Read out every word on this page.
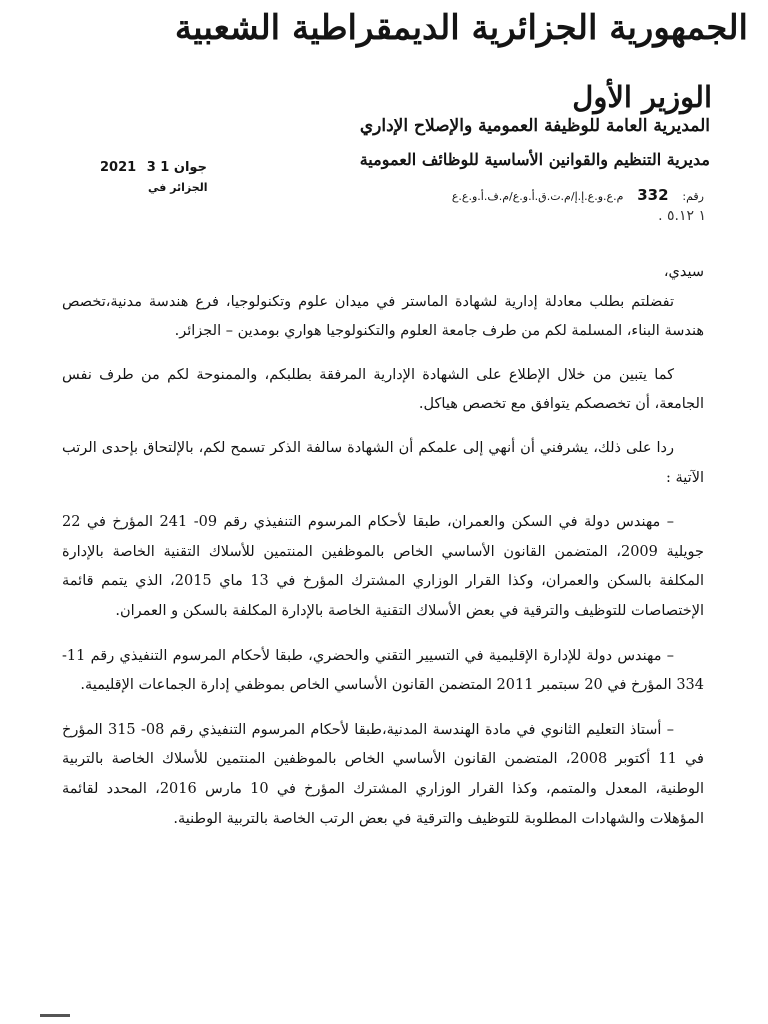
الجمهورية الجزائرية الديمقراطية الشعبية
الوزير الأول
المديرية العامة للوظيفة العمومية والإصلاح الإداري
مديرية التنظيم والقوانين الأساسية للوظائف العمومية
رقم: 332 م.ع.و.ع.إ.إ/م.ت.ق.أ.و.ع/م.ف.أ.و.ع.ع
. ١ ٥.١٢
2021 جوان 1 3
الجزائر في

سيدي،

تفضلتم بطلب معادلة إدارية لشهادة الماستر في ميدان علوم وتكنولوجيا، فرع هندسة مدنية،تخصص هندسة البناء، المسلمة لكم من طرف جامعة العلوم والتكنولوجيا هواري بومدين – الجزائر.

كما يتبين من خلال الإطلاع على الشهادة الإدارية المرفقة بطلبكم، والممنوحة لكم من طرف نفس الجامعة، أن تخصصكم يتوافق مع تخصص هياكل.

ردا على ذلك، يشرفني أن أنهي إلى علمكم أن الشهادة سالفة الذكر تسمح لكم، بالإلتحاق بإحدى الرتب الآتية :

– مهندس دولة في السكن والعمران، طبقا لأحكام المرسوم التنفيذي رقم 09- 241 المؤرخ في 22 جويلية 2009، المتضمن القانون الأساسي الخاص بالموظفين المنتمين للأسلاك التقنية الخاصة بالإدارة المكلفة بالسكن والعمران، وكذا القرار الوزاري المشترك المؤرخ في 13 ماي 2015، الذي يتمم قائمة الإختصاصات للتوظيف والترقية في بعض الأسلاك التقنية الخاصة بالإدارة المكلفة بالسكن و العمران.

– مهندس دولة للإدارة الإقليمية في التسيير التقني والحضري، طبقا لأحكام المرسوم التنفيذي رقم 11- 334 المؤرخ في 20 سبتمبر 2011 المتضمن القانون الأساسي الخاص بموظفي إدارة الجماعات الإقليمية.

– أستاذ التعليم الثانوي في مادة الهندسة المدنية،طبقا لأحكام المرسوم التنفيذي رقم 08- 315 المؤرخ في 11 أكتوبر 2008، المتضمن القانون الأساسي الخاص بالموظفين المنتمين للأسلاك الخاصة بالتربية الوطنية، المعدل والمتمم، وكذا القرار الوزاري المشترك المؤرخ في 10 مارس 2016، المحدد لقائمة المؤهلات والشهادات المطلوبة للتوظيف والترقية في بعض الرتب الخاصة بالتربية الوطنية.
